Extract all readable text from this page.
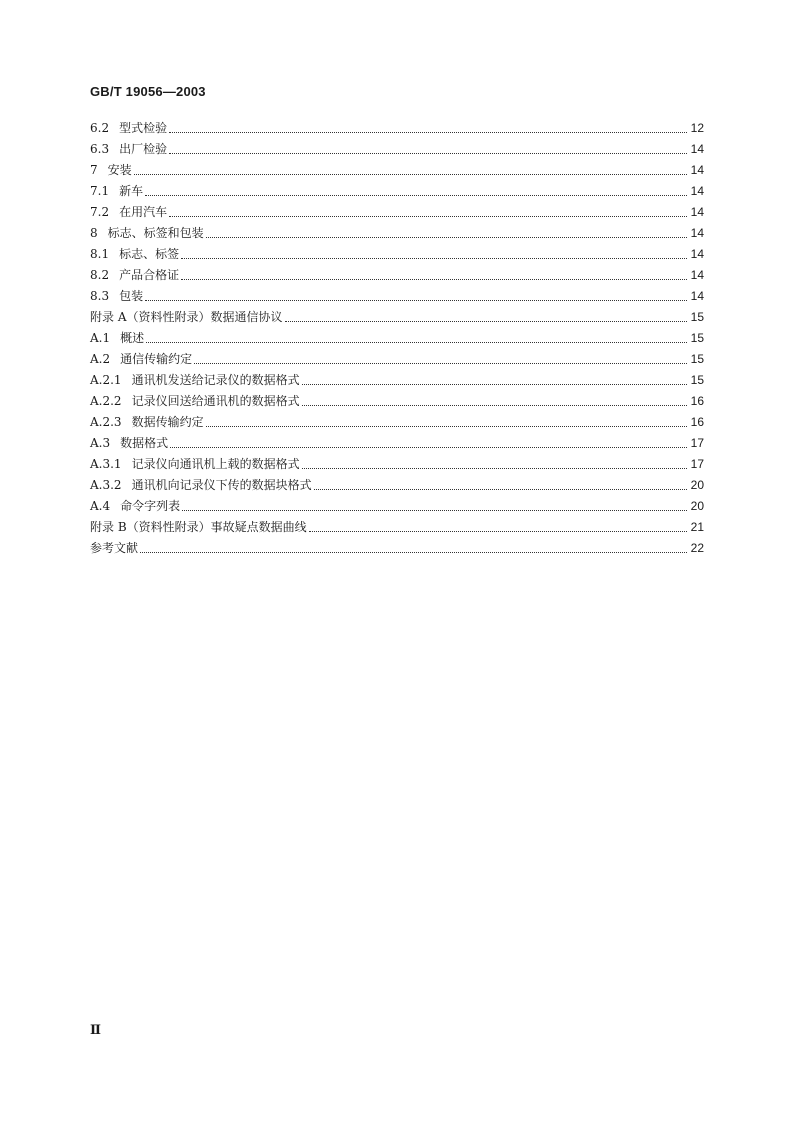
GB/T 19056—2003
6.2 型式检验	12
6.3 出厂检验	14
7 安装	14
7.1 新车	14
7.2 在用汽车	14
8 标志、标签和包装	14
8.1 标志、标签	14
8.2 产品合格证	14
8.3 包装	14
附录 A （资料性附录）数据通信协议	15
A.1 概述	15
A.2 通信传输约定	15
A.2.1 通讯机发送给记录仪的数据格式	15
A.2.2 记录仪回送给通讯机的数据格式	16
A.2.3 数据传输约定	16
A.3 数据格式	17
A.3.1 记录仪向通讯机上载的数据格式	17
A.3.2 通讯机向记录仪下传的数据块格式	20
A.4 命令字列表	20
附录 B （资料性附录）事故疑点数据曲线	21
参考文献	22
Ⅱ
